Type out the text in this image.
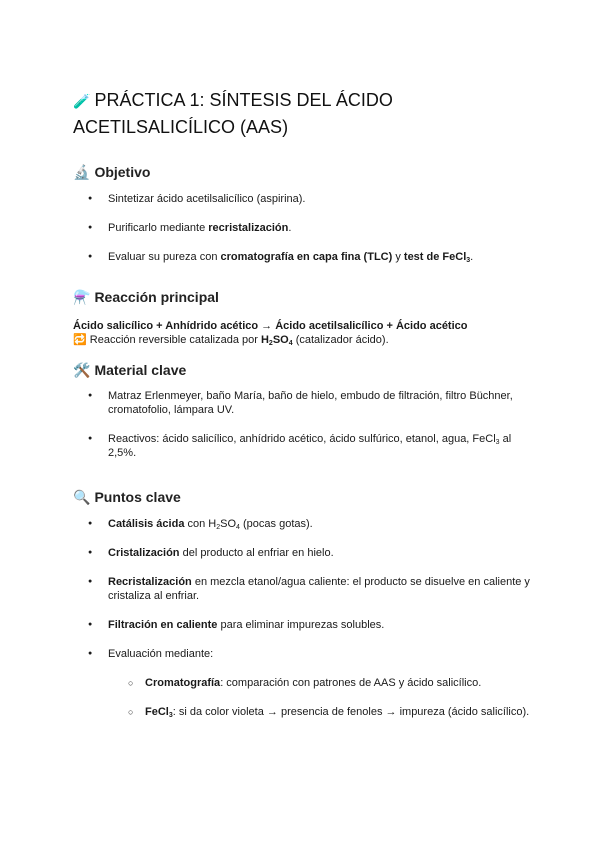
🧪 PRÁCTICA 1: SÍNTESIS DEL ÁCIDO
ACETILSALICÍLICO (AAS)
🔬 Objetivo
● Sintetizar ácido acetilsalicílico (aspirina).
● Purificarlo mediante recristalización.
● Evaluar su pureza con cromatografía en capa fina (TLC) y test de FeCl$_3$.
⚗️ Reacción principal
Ácido salicílico + Anhídrido acético → Ácido acetilsalicílico + Ácido acético
🔁 Reacción reversible catalizada por $H_2SO_4$ (catalizador ácido).
🛠️ Material clave
● Matraz Erlenmeyer, baño María, baño de hielo, embudo de filtración, filtro Büchner, cromatofolio, lámpara UV.
● Reactivos: ácido salicílico, anhídrido acético, ácido sulfúrico, etanol, agua, FeCl$_3$ al 2,5%.
🔍 Puntos clave
● Catálisis ácida con $H_2SO_4$ (pocas gotas).
● Cristalización del producto al enfriar en hielo.
● Recristalización en mezcla etanol/agua caliente: el producto se disuelve en caliente y cristaliza al enfriar.
● Filtración en caliente para eliminar impurezas solubles.
● Evaluación mediante:
○ Cromatografía: comparación con patrones de AAS y ácido salicílico.
○ FeCl$_3$: si da color violeta → presencia de fenoles → impureza (ácido salicílico).
